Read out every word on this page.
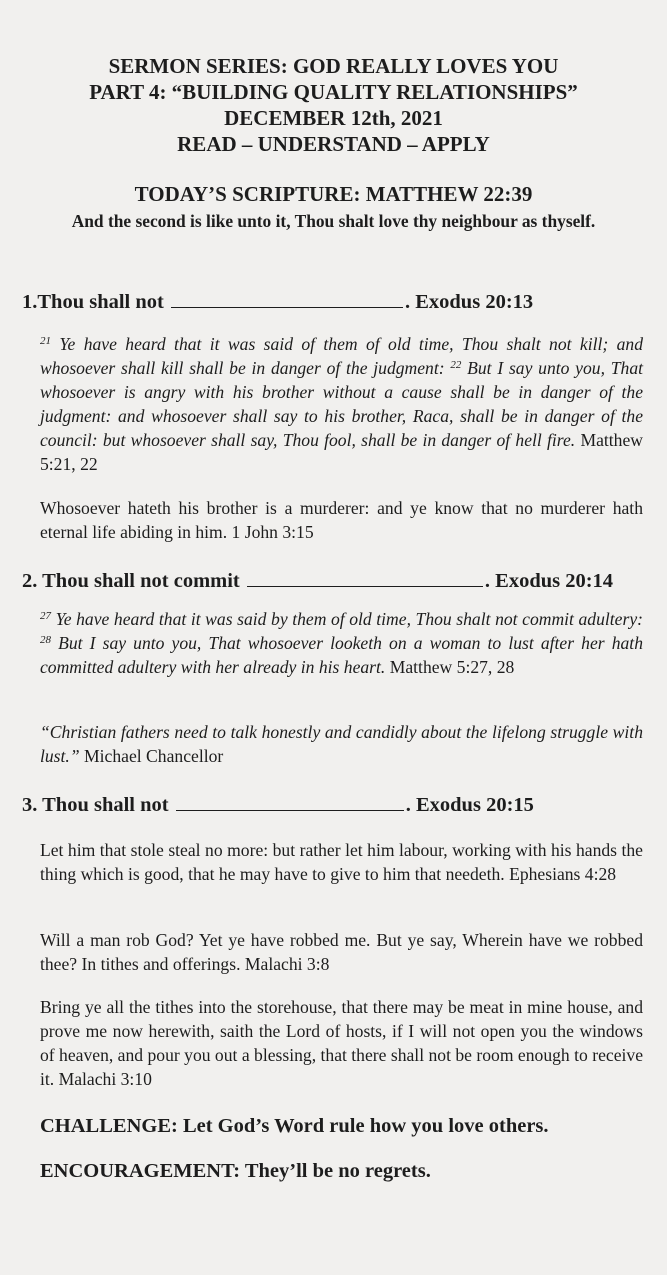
SERMON SERIES: GOD REALLY LOVES YOU
PART 4: “BUILDING QUALITY RELATIONSHIPS”
DECEMBER 12th, 2021
READ – UNDERSTAND – APPLY
TODAY’S SCRIPTURE: MATTHEW 22:39
And the second is like unto it, Thou shalt love thy neighbour as thyself.
1.Thou shall not	. Exodus 20:13
$^{21}$ Ye have heard that it was said of them of old time, Thou shalt not kill; and whosoever shall kill shall be in danger of the judgment: $^{22}$ But I say unto you, That whosoever is angry with his brother without a cause shall be in danger of the judgment: and whosoever shall say to his brother, Raca, shall be in danger of the council: but whosoever shall say, Thou fool, shall be in danger of hell fire. Matthew 5:21, 22
Whosoever hateth his brother is a murderer: and ye know that no murderer hath eternal life abiding in him. 1 John 3:15
2. Thou shall not commit	. Exodus 20:14
$^{27}$ Ye have heard that it was said by them of old time, Thou shalt not commit adultery: $^{28}$ But I say unto you, That whosoever looketh on a woman to lust after her hath committed adultery with her already in his heart. Matthew 5:27, 28
“Christian fathers need to talk honestly and candidly about the lifelong struggle with lust.” Michael Chancellor
3. Thou shall not	. Exodus 20:15
Let him that stole steal no more: but rather let him labour, working with his hands the thing which is good, that he may have to give to him that needeth. Ephesians 4:28
Will a man rob God? Yet ye have robbed me. But ye say, Wherein have we robbed thee? In tithes and offerings. Malachi 3:8
Bring ye all the tithes into the storehouse, that there may be meat in mine house, and prove me now herewith, saith the Lord of hosts, if I will not open you the windows of heaven, and pour you out a blessing, that there shall not be room enough to receive it. Malachi 3:10
CHALLENGE: Let God’s Word rule how you love others.
ENCOURAGEMENT: They’ll be no regrets.
